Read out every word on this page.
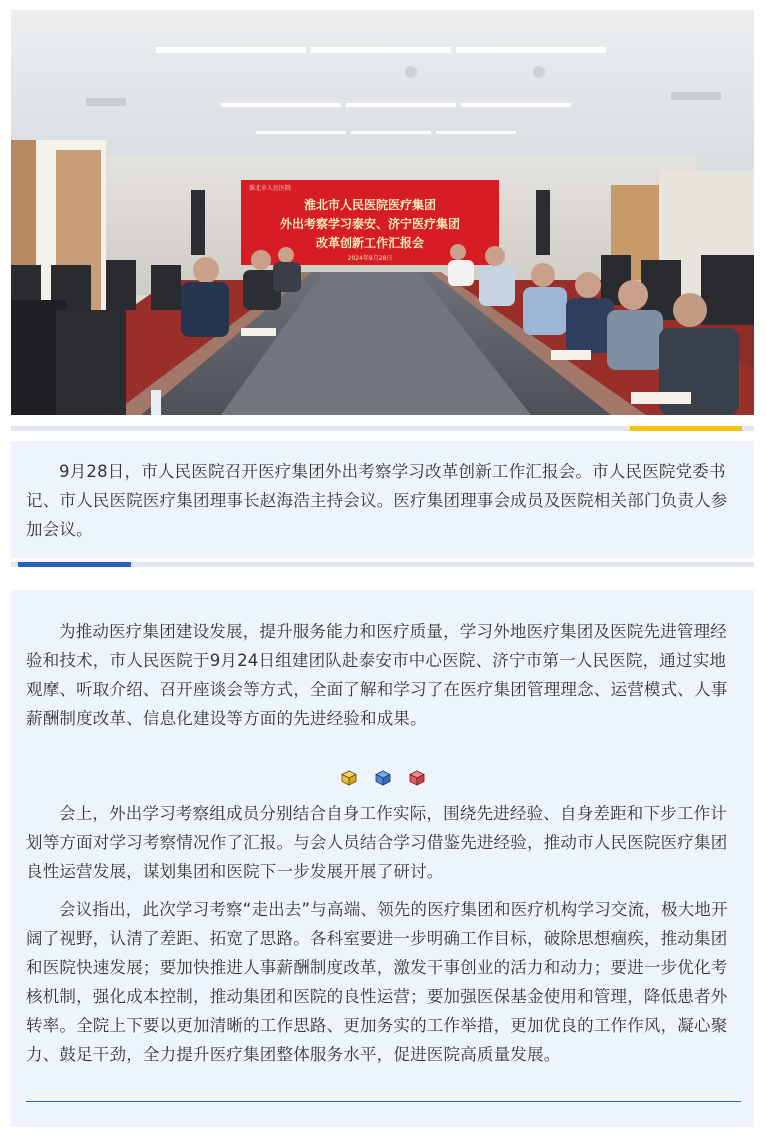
淮北市人民医院
淮北市人民医院医疗集团
外出考察学习泰安、济宁医疗集团
改革创新工作汇报会
2024年9月28日

9月28日，市人民医院召开医疗集团外出考察学习改革创新工作汇报会。市人民医院党委书记、市人民医院医疗集团理事长赵海浩主持会议。医疗集团理事会成员及医院相关部门负责人参加会议。

为推动医疗集团建设发展，提升服务能力和医疗质量，学习外地医疗集团及医院先进管理经验和技术，市人民医院于9月24日组建团队赴泰安市中心医院、济宁市第一人民医院，通过实地观摩、听取介绍、召开座谈会等方式，全面了解和学习了在医疗集团管理理念、运营模式、人事薪酬制度改革、信息化建设等方面的先进经验和成果。

会上，外出学习考察组成员分别结合自身工作实际，围绕先进经验、自身差距和下步工作计划等方面对学习考察情况作了汇报。与会人员结合学习借鉴先进经验，推动市人民医院医疗集团良性运营发展，谋划集团和医院下一步发展开展了研讨。

会议指出，此次学习考察“走出去”与高端、领先的医疗集团和医疗机构学习交流，极大地开阔了视野，认清了差距、拓宽了思路。各科室要进一步明确工作目标，破除思想痼疾，推动集团和医院快速发展；要加快推进人事薪酬制度改革，激发干事创业的活力和动力；要进一步优化考核机制，强化成本控制，推动集团和医院的良性运营；要加强医保基金使用和管理，降低患者外转率。全院上下要以更加清晰的工作思路、更加务实的工作举措，更加优良的工作作风，凝心聚力、鼓足干劲，全力提升医疗集团整体服务水平，促进医院高质量发展。
